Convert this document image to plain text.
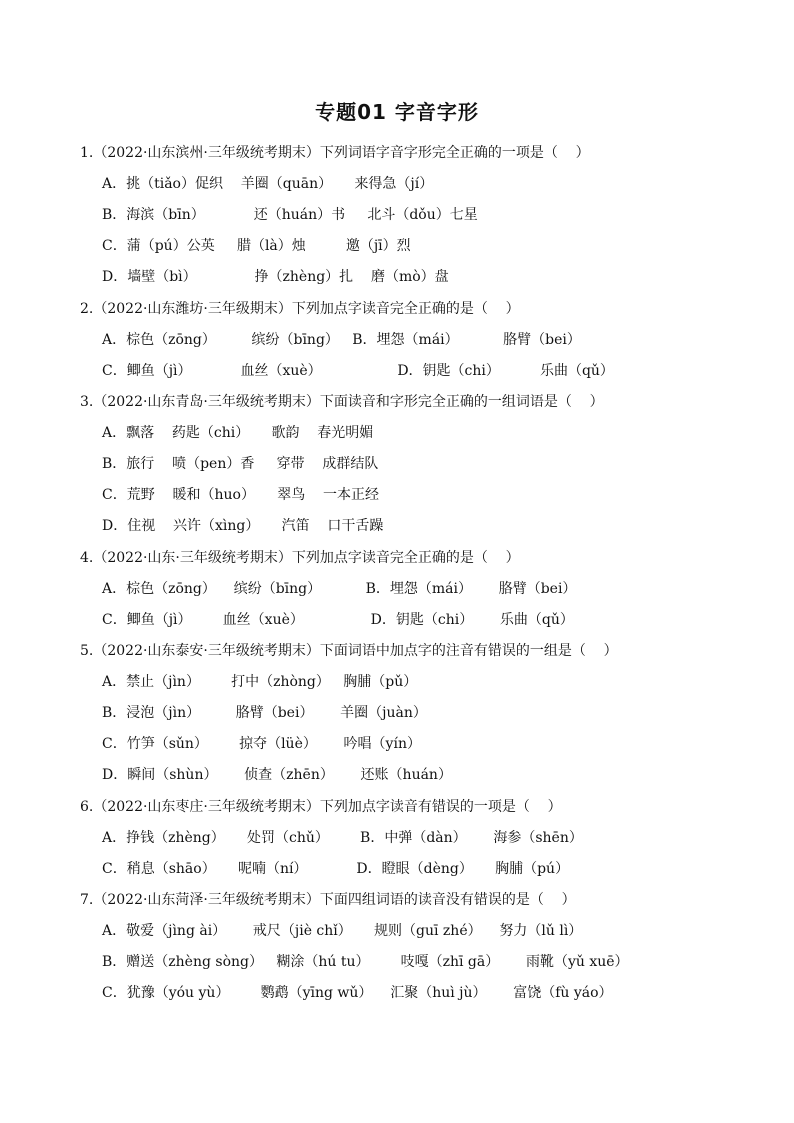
专题01 字音字形
1.（2022·山东滨州·三年级统考期末）下列词语字音字形完全正确的一项是（    ）
A．挑（tiǎo）促织    羊圈（quān）     来得急（jí）
B．海滨（bīn）           还（huán）书     北斗（dǒu）七星
C．蒲（pú）公英     腊（là）烛         邀（jī）烈
D．墙壁（bì）             挣（zhèng）扎    磨（mò）盘
2.（2022·山东潍坊·三年级期末）下列加点字读音完全正确的是（    ）
A．棕色（zōng）        缤纷（bīng）   B．埋怨（mái）          胳臂（bei）
C．鲫鱼（jì）           血丝（xuè）                 D．钥匙（chi）         乐曲（qǔ）
3.（2022·山东青岛·三年级统考期末）下面读音和字形完全正确的一组词语是（    ）
A．飘落    药匙（chi）     歌韵    春光明媚
B．旅行    喷（pen）香     穿带    成群结队
C．荒野    暖和（huo）     翠鸟    一本正经
D．住视    兴许（xìng）     汽笛    口干舌躁
4.（2022·山东·三年级统考期末）下列加点字读音完全正确的是（    ）
A．棕色（zōng）    缤纷（bīng）          B．埋怨（mái）      胳臂（bei）
C．鲫鱼（jì）       血丝（xuè）               D．钥匙（chi）      乐曲（qǔ）
5.（2022·山东泰安·三年级统考期末）下面词语中加点字的注音有错误的一组是（    ）
A．禁止（jìn）       打中（zhòng）   胸脯（pǔ）
B．浸泡（jìn）        胳臂（bei）      羊圈（juàn）
C．竹笋（sǔn）       掠夺（lüè）      吟唱（yín）
D．瞬间（shùn）      侦查（zhēn）      还账（huán）
6.（2022·山东枣庄·三年级统考期末）下列加点字读音有错误的一项是（    ）
A．挣钱（zhèng）     处罚（chǔ）       B．中弹（dàn）      海参（shēn）
C．稍息（shāo）     呢喃（ní）           D．瞪眼（dèng）     胸脯（pú）
7.（2022·山东菏泽·三年级统考期末）下面四组词语的读音没有错误的是（    ）
A．敬爱（jìng ài）      戒尺（jiè chǐ）     规则（guī zhé）    努力（lǔ lì）
B．赠送（zhèng sòng）   糊涂（hú tu）       吱嘎（zhī gā）      雨靴（yǔ xuē）
C．犹豫（yóu yù）       鹦鹉（yīng wǔ）    汇聚（huì jù）      富饶（fù yáo）
